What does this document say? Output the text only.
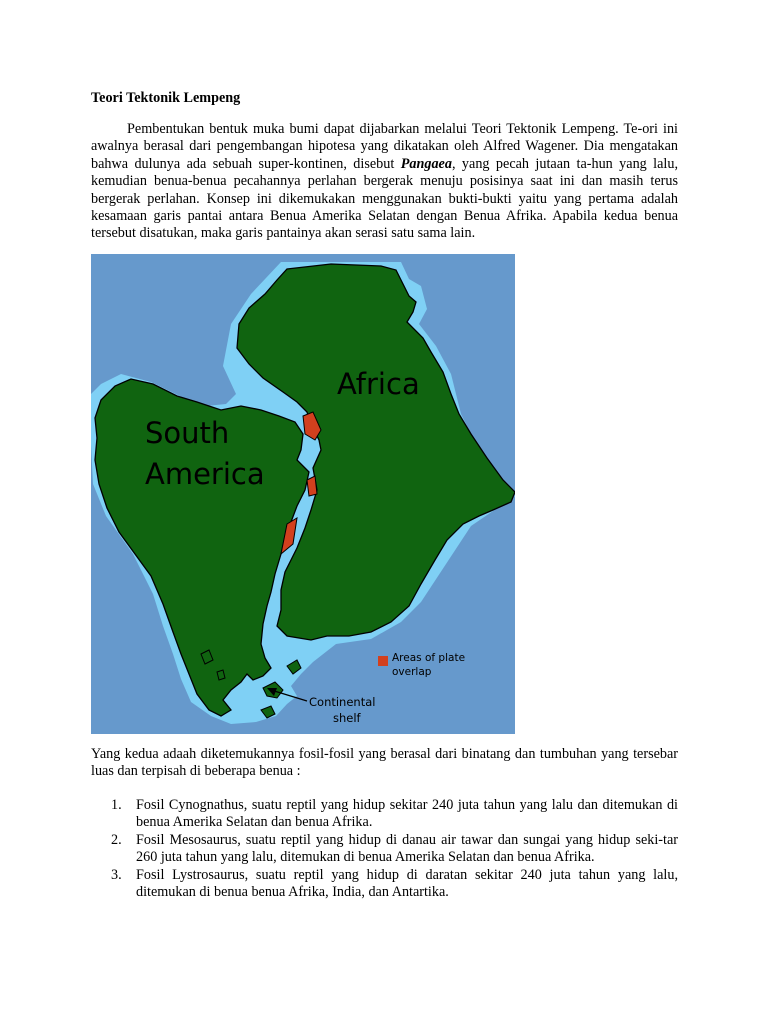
Teori Tektonik Lempeng

Pembentukan bentuk muka bumi dapat dijabarkan melalui Teori Tektonik Lempeng. Te-ori ini awalnya berasal dari pengembangan hipotesa yang dikatakan oleh Alfred Wagener. Dia mengatakan bahwa dulunya ada sebuah super-kontinen, disebut Pangaea, yang pecah jutaan ta-hun yang lalu, kemudian benua-benua pecahannya perlahan bergerak menuju posisinya saat ini dan masih terus bergerak perlahan. Konsep ini dikemukakan menggunakan bukti-bukti yaitu yang pertama adalah kesamaan garis pantai antara Benua Amerika Selatan dengan Benua Afrika. Apabila kedua benua tersebut disatukan, maka garis pantainya akan serasi satu sama lain.

Africa
South
America
Areas of plate
overlap
Continental
shelf

Yang kedua adaah diketemukannya fosil-fosil yang berasal dari binatang dan tumbuhan yang tersebar luas dan terpisah di beberapa benua :

1. Fosil Cynognathus, suatu reptil yang hidup sekitar 240 juta tahun yang lalu dan ditemukan di benua Amerika Selatan dan benua Afrika.
2. Fosil Mesosaurus, suatu reptil yang hidup di danau air tawar dan sungai yang hidup seki-tar 260 juta tahun yang lalu, ditemukan di benua Amerika Selatan dan benua Afrika.
3. Fosil Lystrosaurus, suatu reptil yang hidup di daratan sekitar 240 juta tahun yang lalu, ditemukan di benua benua Afrika, India, dan Antartika.
